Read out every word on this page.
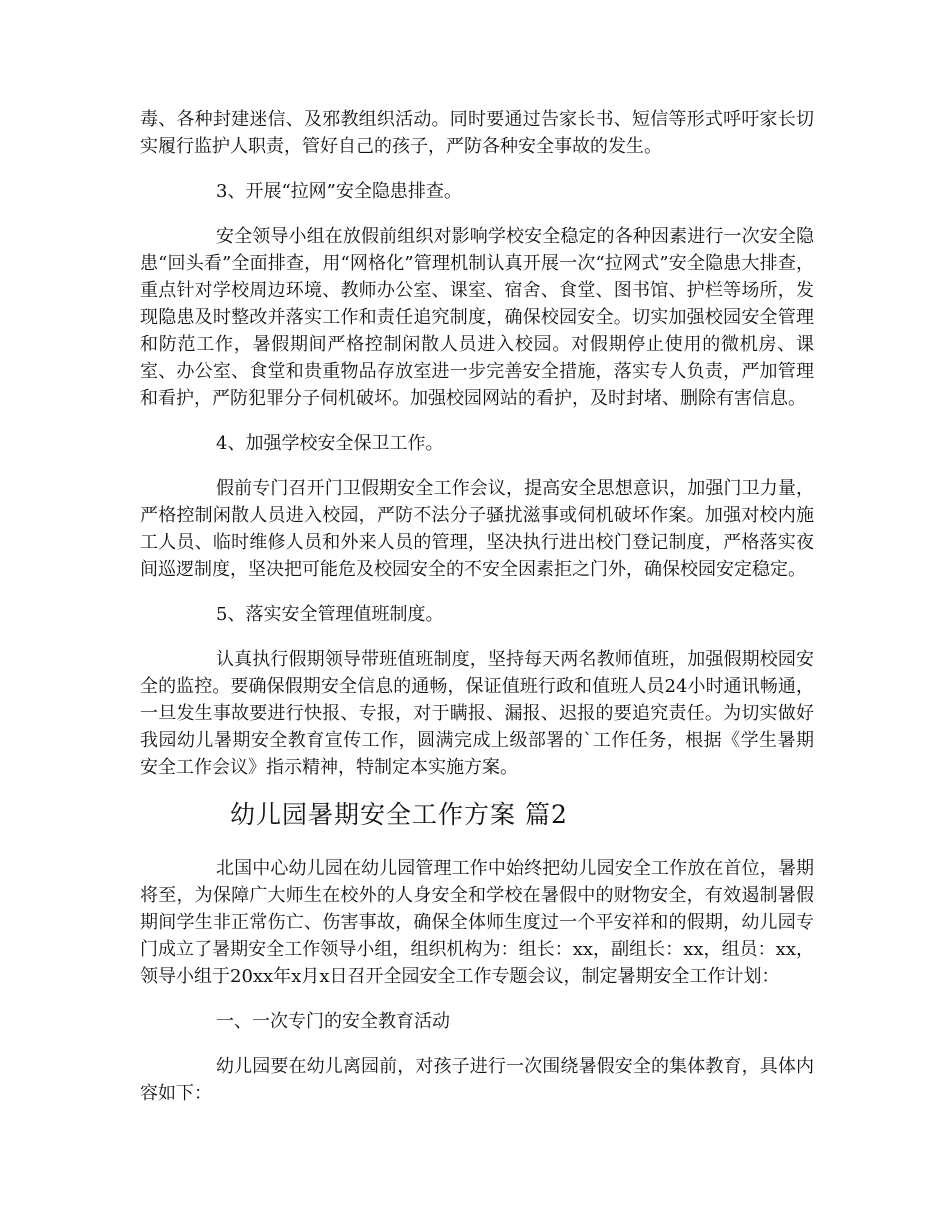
毒、各种封建迷信、及邪教组织活动。同时要通过告家长书、短信等形式呼吁家长切实履行监护人职责，管好自己的孩子，严防各种安全事故的发生。

3、开展“拉网”安全隐患排查。

安全领导小组在放假前组织对影响学校安全稳定的各种因素进行一次安全隐患“回头看”全面排查，用“网格化”管理机制认真开展一次“拉网式”安全隐患大排查，重点针对学校周边环境、教师办公室、课室、宿舍、食堂、图书馆、护栏等场所，发现隐患及时整改并落实工作和责任追究制度，确保校园安全。切实加强校园安全管理和防范工作，暑假期间严格控制闲散人员进入校园。对假期停止使用的微机房、课室、办公室、食堂和贵重物品存放室进一步完善安全措施，落实专人负责，严加管理和看护，严防犯罪分子伺机破坏。加强校园网站的看护，及时封堵、删除有害信息。

4、加强学校安全保卫工作。

假前专门召开门卫假期安全工作会议，提高安全思想意识，加强门卫力量，严格控制闲散人员进入校园，严防不法分子骚扰滋事或伺机破坏作案。加强对校内施工人员、临时维修人员和外来人员的管理，坚决执行进出校门登记制度，严格落实夜间巡逻制度，坚决把可能危及校园安全的不安全因素拒之门外，确保校园安定稳定。

5、落实安全管理值班制度。

认真执行假期领导带班值班制度，坚持每天两名教师值班，加强假期校园安全的监控。要确保假期安全信息的通畅，保证值班行政和值班人员24小时通讯畅通，一旦发生事故要进行快报、专报，对于瞒报、漏报、迟报的要追究责任。为切实做好我园幼儿暑期安全教育宣传工作，圆满完成上级部署的`工作任务，根据《学生暑期安全工作会议》指示精神，特制定本实施方案。

幼儿园暑期安全工作方案 篇2

北国中心幼儿园在幼儿园管理工作中始终把幼儿园安全工作放在首位，暑期将至，为保障广大师生在校外的人身安全和学校在暑假中的财物安全，有效遏制暑假期间学生非正常伤亡、伤害事故，确保全体师生度过一个平安祥和的假期，幼儿园专门成立了暑期安全工作领导小组，组织机构为：组长：xx，副组长：xx，组员：xx，领导小组于20xx年x月x日召开全园安全工作专题会议，制定暑期安全工作计划：

一、一次专门的安全教育活动

幼儿园要在幼儿离园前，对孩子进行一次围绕暑假安全的集体教育，具体内容如下：
